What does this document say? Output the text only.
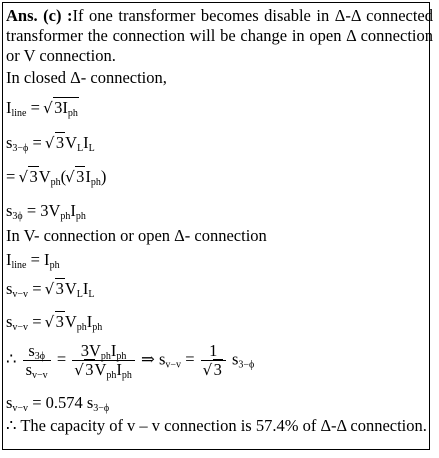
Ans. (c) :If one transformer becomes disable in Δ-Δ connected transformer the connection will be change in open Δ connection or V connection.
In closed Δ- connection,
$I_{line}$ = √ $3I_{ph}$
$s_{3-\phi}$ = √ $3V_LI_L$
= √ $3V_{ph}(√$ $3I_{ph}$)
$s_{3\phi} = 3V_{ph}I_{ph}$
In V- connection or open Δ- connection
$I_{line} = I_{ph}$
$s_{v-v}$ = √ $3V_LI_L$
$s_{v-v}$ = √ $3V_{ph}I_{ph}$
∴ $\frac{s_{3\phi}}{s_{v-v}} = 3V_{ph}I_{ph}$
√ $3V_{ph}I_{ph}$ ⇒ $s_{v-v} = 1$
√ 3 $s_{3-\phi}$
$s_{v-v} = 0.574$ $s_{3-\phi}$
∴ The capacity of v – v connection is 57.4% of Δ-Δ connection.
